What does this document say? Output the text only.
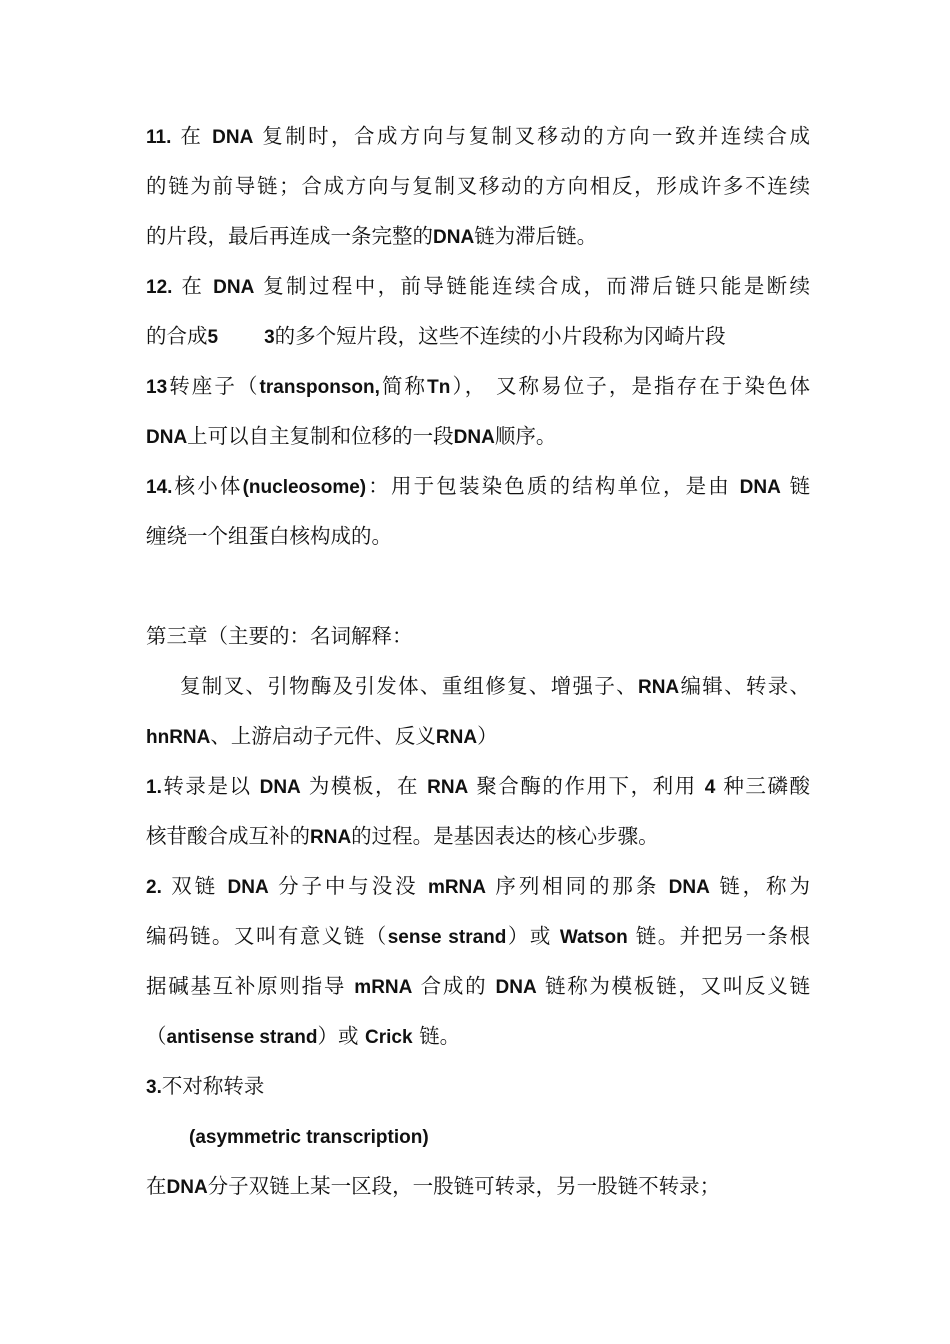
11. 在 DNA 复制时，合成方向与复制叉移动的方向一致并连续合成
的链为前导链；合成方向与复制叉移动的方向相反，形成许多不连续
的片段，最后再连成一条完整的DNA链为滞后链。
12. 在 DNA 复制过程中，前导链能连续合成，而滞后链只能是断续
的合成5 3的多个短片段，这些不连续的小片段称为冈崎片段
13转座子（transponson,简称Tn）， 又称易位子，是指存在于染色体
DNA上可以自主复制和位移的一段DNA顺序。
14.核小体(nucleosome)：用于包装染色质的结构单位，是由 DNA 链
缠绕一个组蛋白核构成的。
第三章（主要的：名词解释：
复制叉、引物酶及引发体、重组修复、增强子、RNA编辑、转录、
hnRNA、上游启动子元件、反义RNA）
1.转录是以 DNA 为模板，在 RNA 聚合酶的作用下，利用 4 种三磷酸
核苷酸合成互补的RNA的过程。是基因表达的核心步骤。
2. 双链 DNA 分子中与没没 mRNA 序列相同的那条 DNA 链，称为
编码链。又叫有意义链（sense strand）或 Watson 链。并把另一条根
据碱基互补原则指导 mRNA 合成的 DNA 链称为模板链，又叫反义链
（antisense strand）或 Crick 链。
3.不对称转录
(asymmetric transcription)
在DNA分子双链上某一区段，一股链可转录，另一股链不转录；
